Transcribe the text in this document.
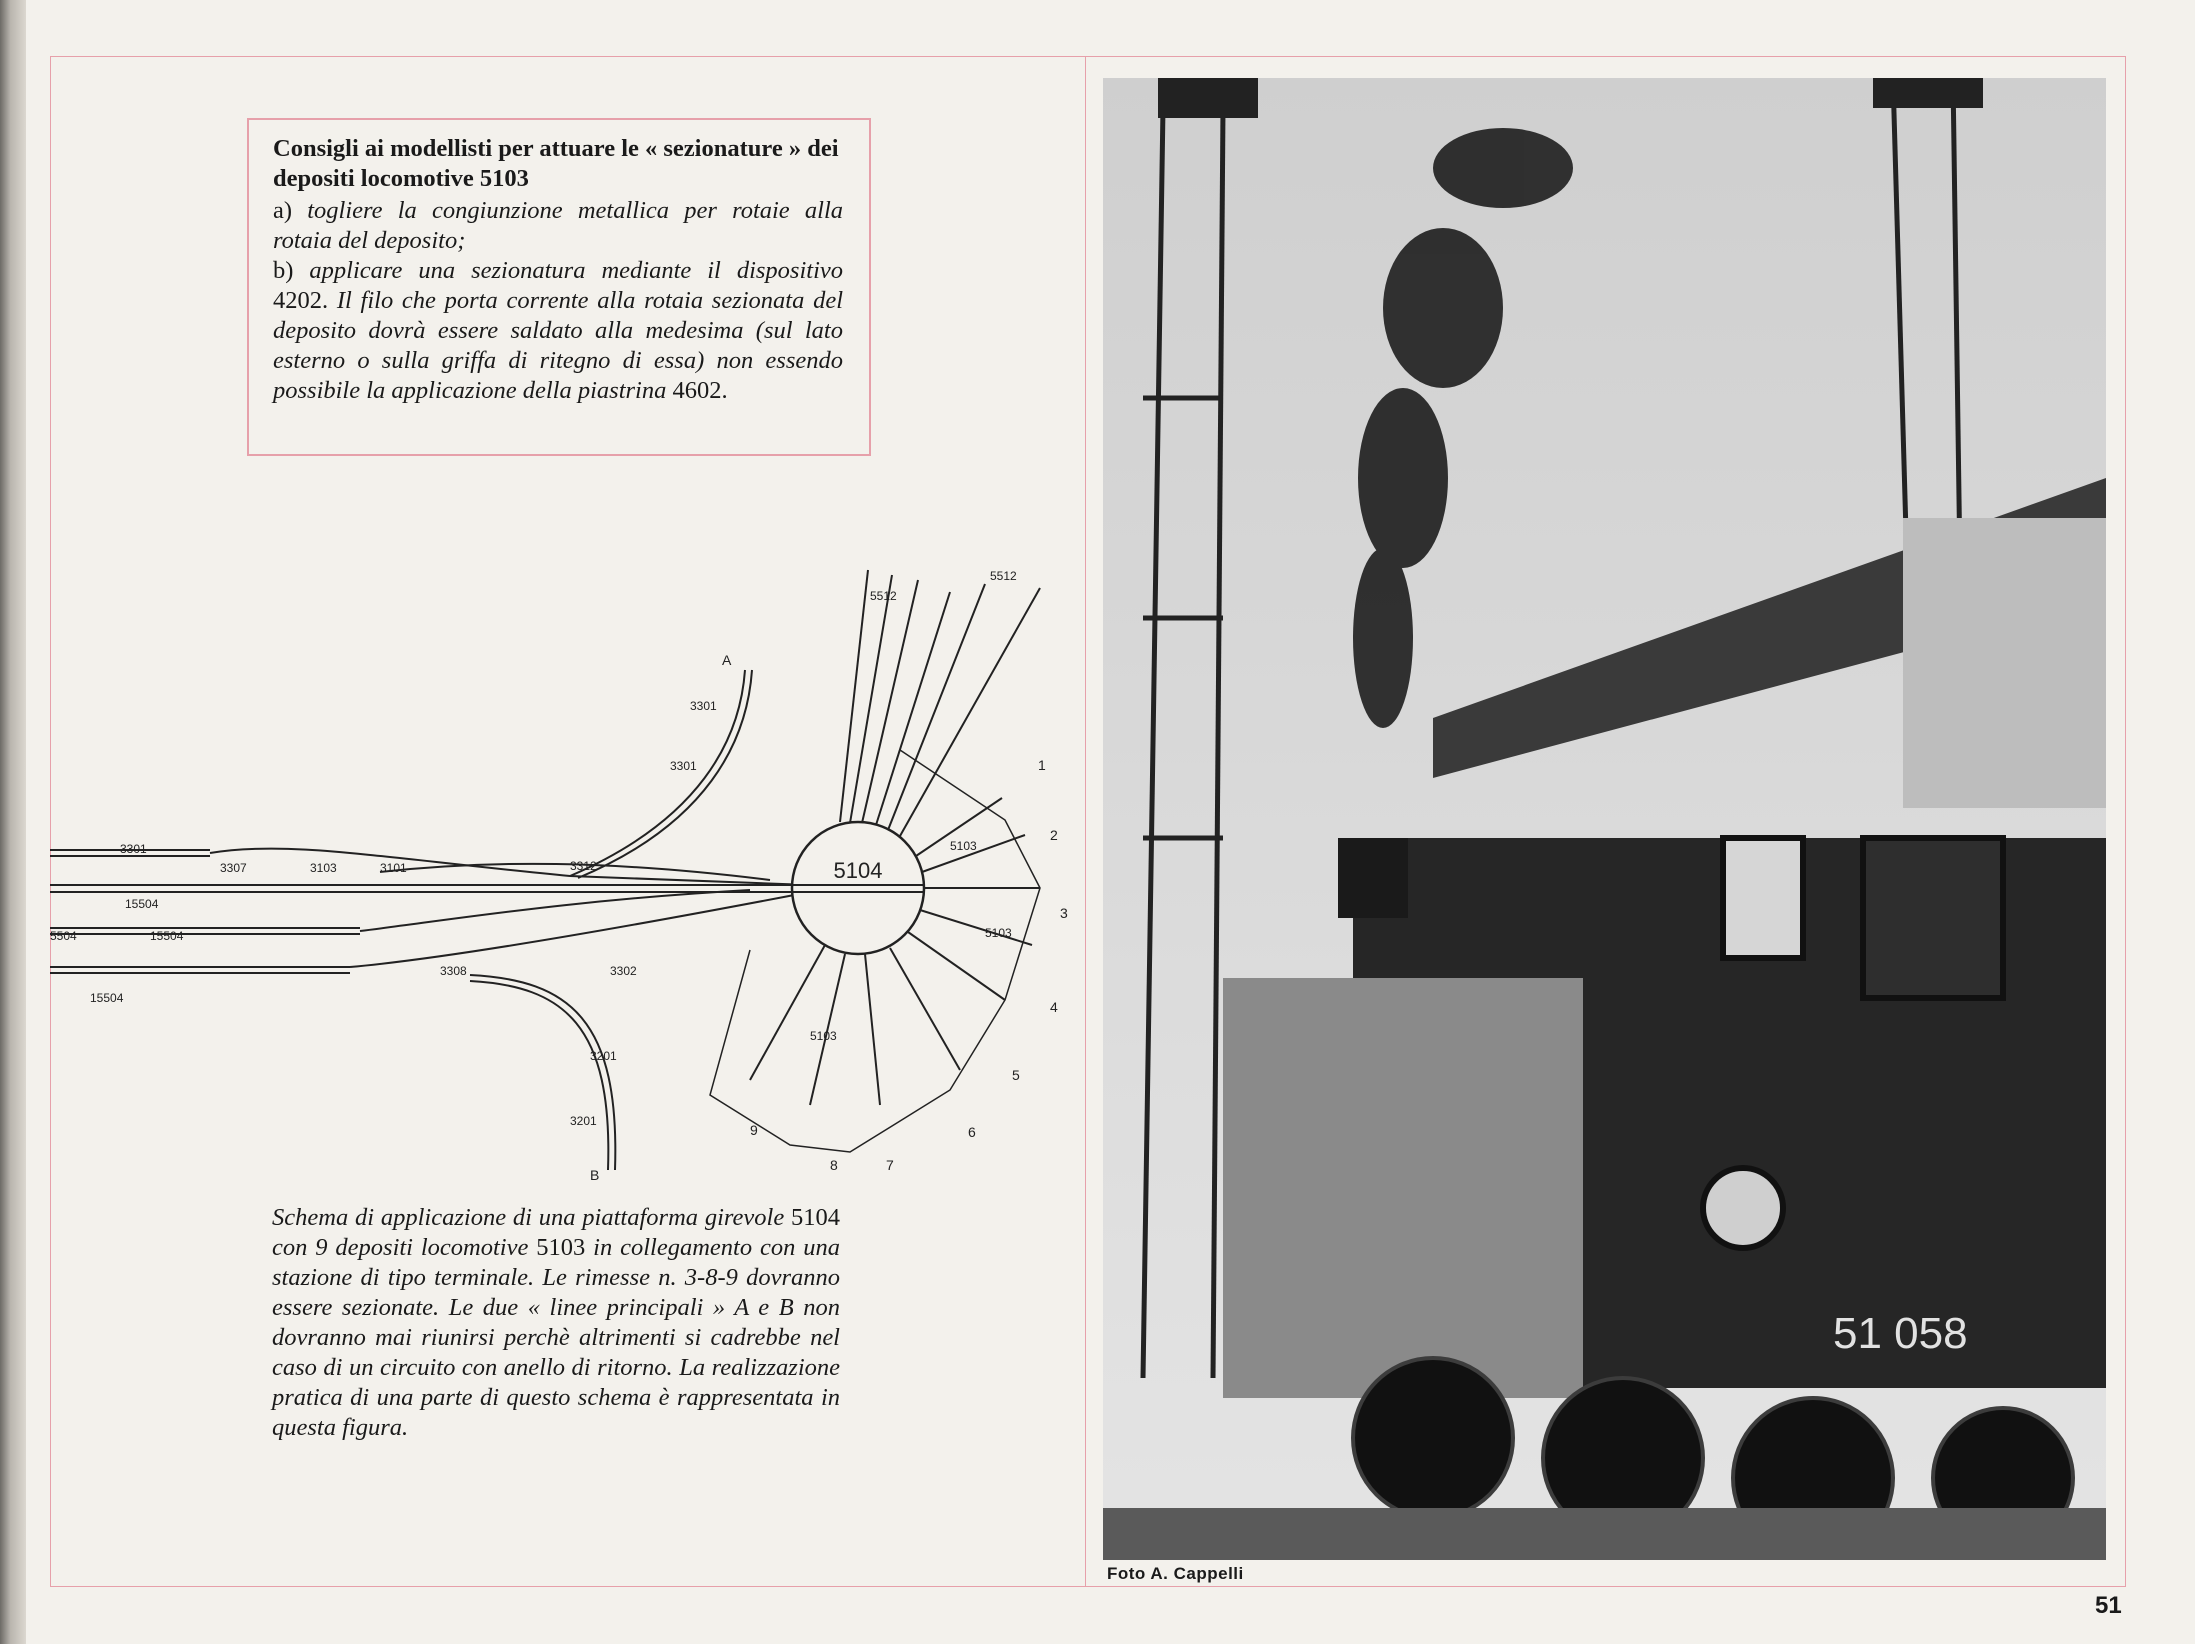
Consigli ai modellisti per attuare le « sezionature » dei depositi locomotive 5103

a) togliere la congiunzione metallica per rotaie alla rotaia del deposito;

b) applicare una sezionatura mediante il dispositivo 4202. Il filo che porta corrente alla rotaia sezionata del deposito dovrà essere saldato alla medesima (sul lato esterno o sulla griffa di ritegno di essa) non essendo possibile la applicazione della piastrina 4602.

5104
A
B
1
2
3
4
5
6
7
8
9
5103
5103
5103
5512
5512
3301
3301
3301
3307	3103	3101	3312
3302
3308
3201
3201
15504
15504
15504
5504

Schema di applicazione di una piattaforma girevole 5104 con 9 depositi locomotive 5103 in collegamento con una stazione di tipo terminale. Le rimesse n. 3-8-9 dovranno essere sezionate. Le due « linee principali » A e B non dovranno mai riunirsi perchè altrimenti si cadrebbe nel caso di un circuito con anello di ritorno. La realizzazione pratica di una parte di questo schema è rappresentata in questa figura.

51 058
Foto A. Cappelli
51
